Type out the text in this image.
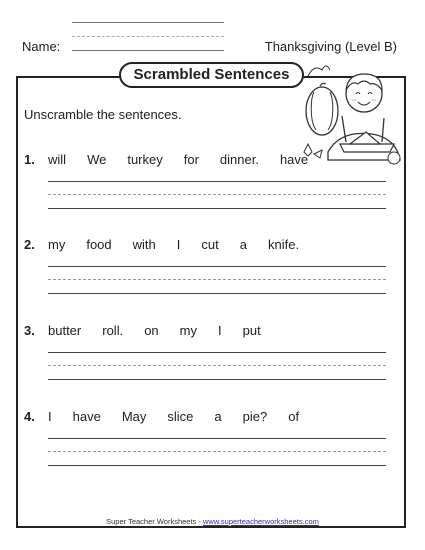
Name:	Thanksgiving (Level B)
Scrambled Sentences
Unscramble the sentences.
1. will We turkey for dinner. have
2. my food with I cut a knife.
3. butter roll. on my I put
4. I have May slice a pie? of
Super Teacher Worksheets - www.superteacherworksheets.com
